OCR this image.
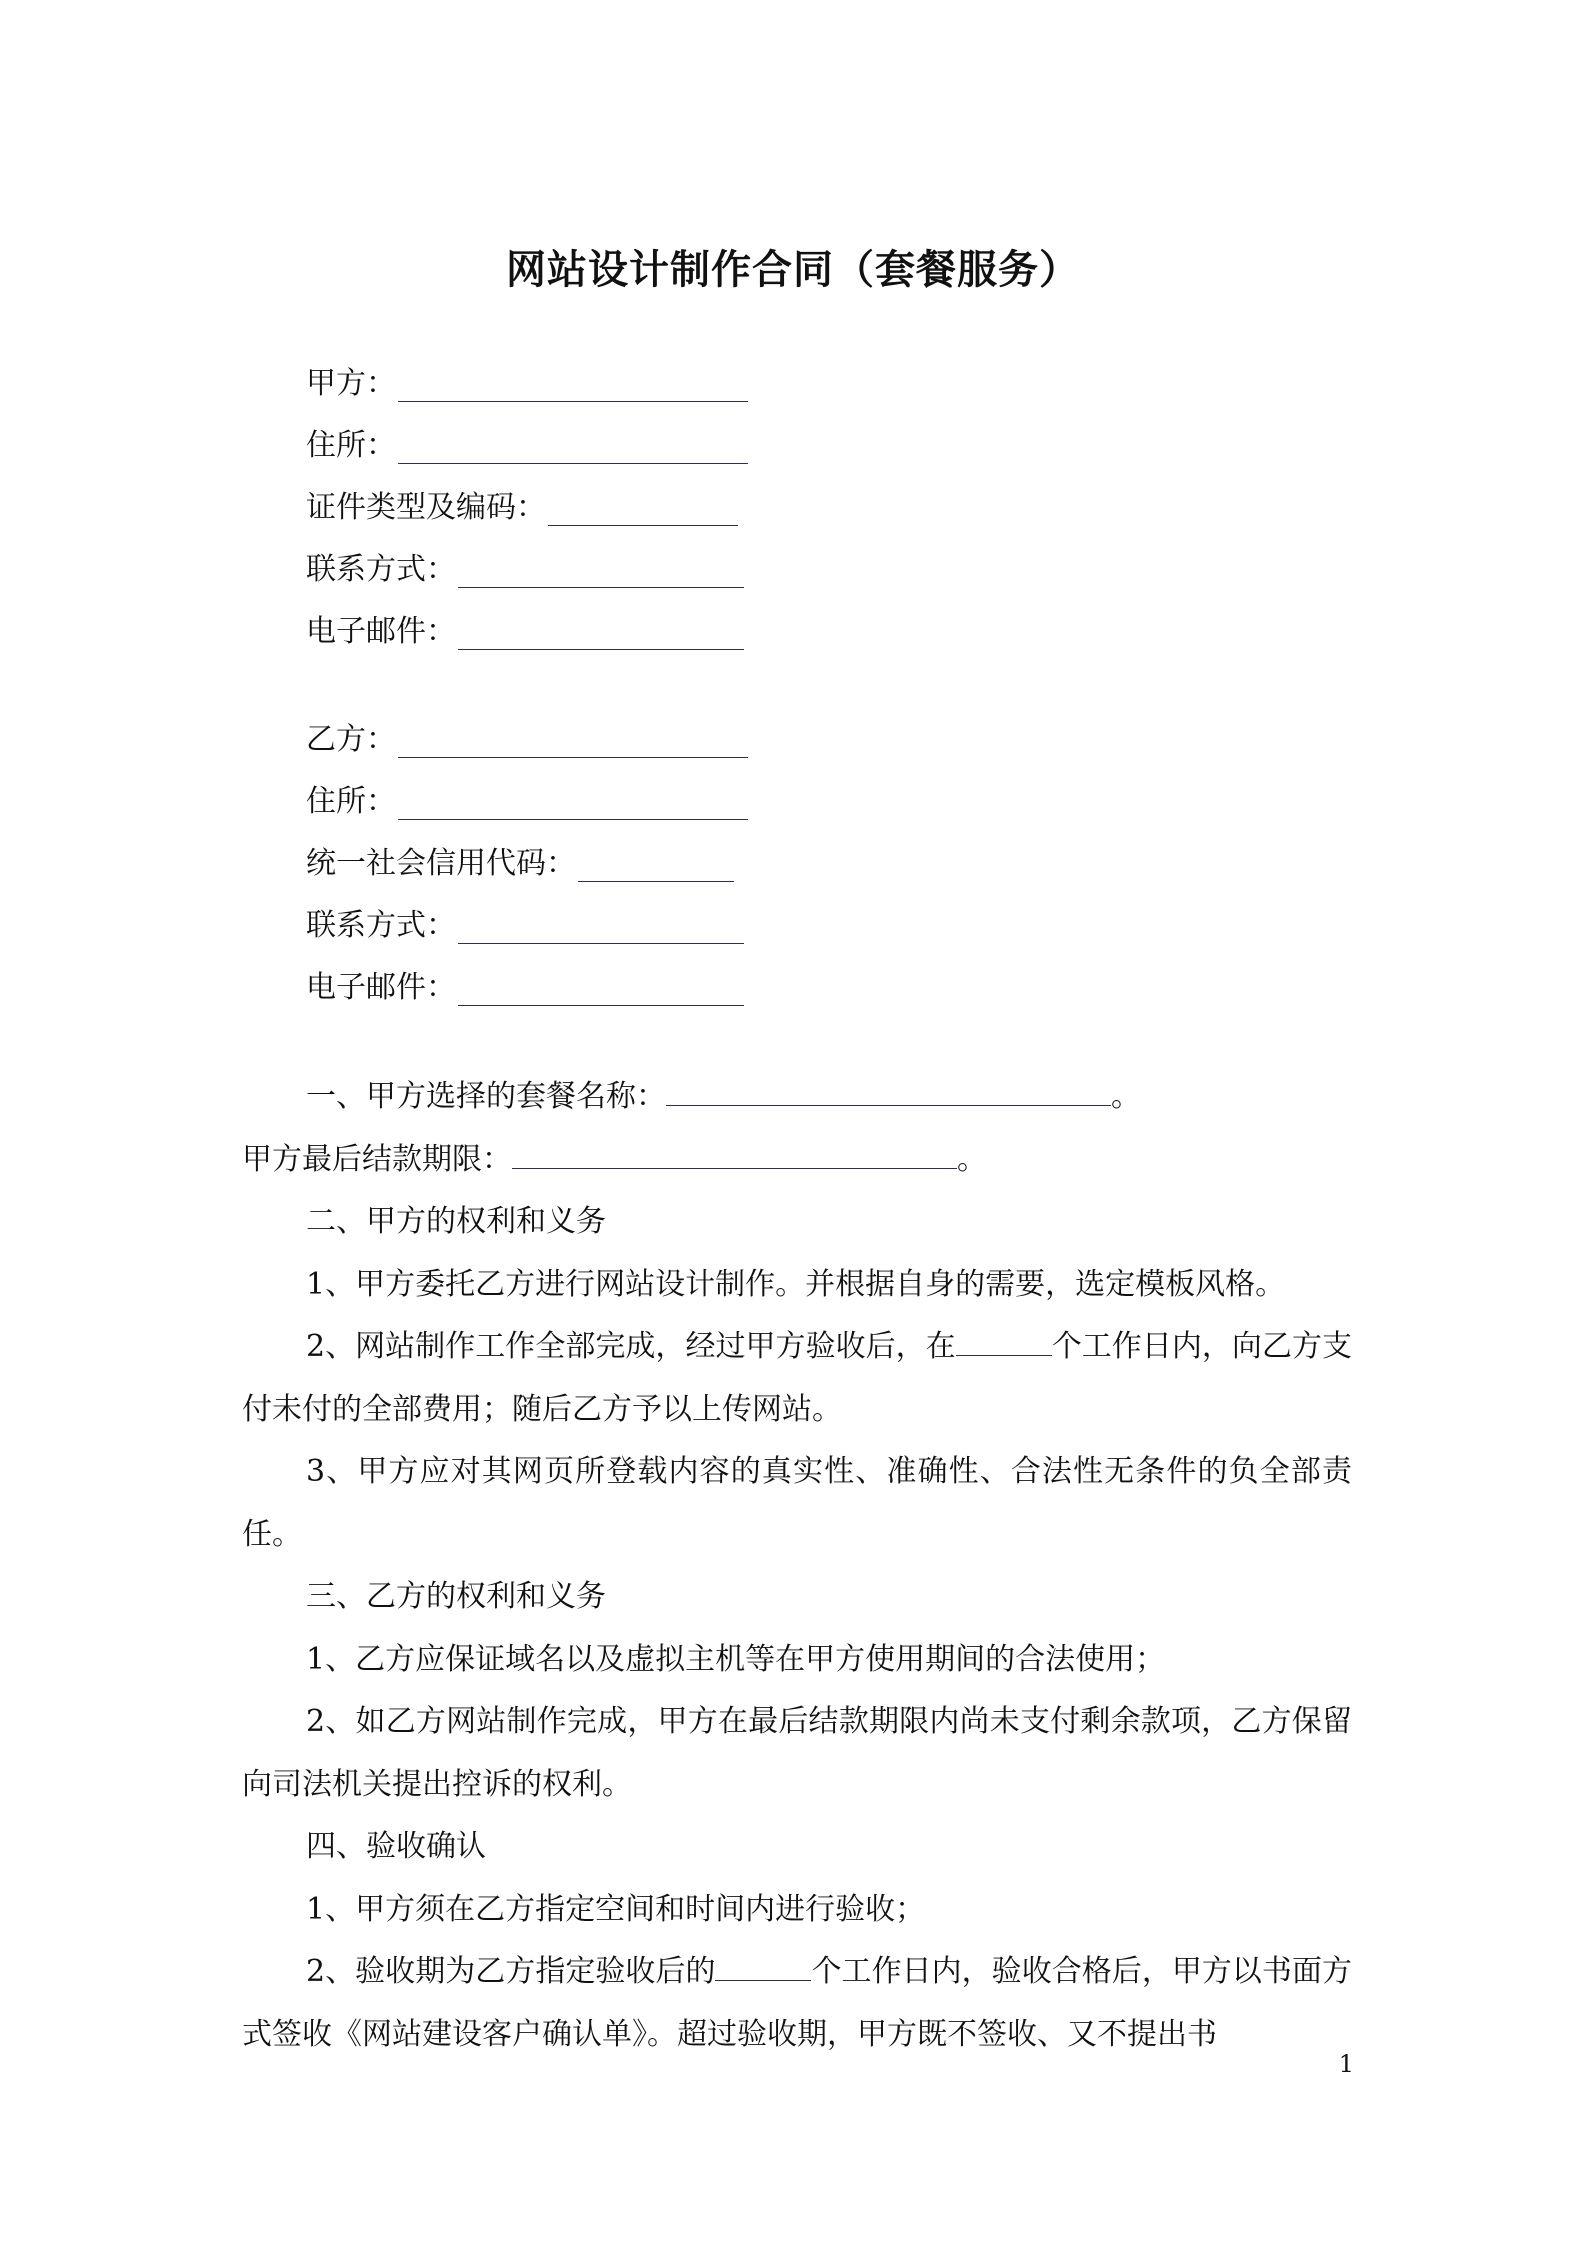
网站设计制作合同（套餐服务）
甲方：
住所：
证件类型及编码：
联系方式：
电子邮件：
乙方：
住所：
统一社会信用代码：
联系方式：
电子邮件：

一、甲方选择的套餐名称：	。

甲方最后结款期限：	。

二、甲方的权利和义务

1、甲方委托乙方进行网站设计制作。并根据自身的需要，选定模板风格。

2、网站制作工作全部完成，经过甲方验收后，在	个工作日内，向乙方支付未付的全部费用；随后乙方予以上传网站。

3、甲方应对其网页所登载内容的真实性、准确性、合法性无条件的负全部责任。

三、乙方的权利和义务

1、乙方应保证域名以及虚拟主机等在甲方使用期间的合法使用；

2、如乙方网站制作完成，甲方在最后结款期限内尚未支付剩余款项，乙方保留向司法机关提出控诉的权利。

四、验收确认

1、甲方须在乙方指定空间和时间内进行验收；

2、验收期为乙方指定验收后的	个工作日内，验收合格后，甲方以书面方式签收《网站建设客户确认单》。超过验收期，甲方既不签收、又不提出书

1
